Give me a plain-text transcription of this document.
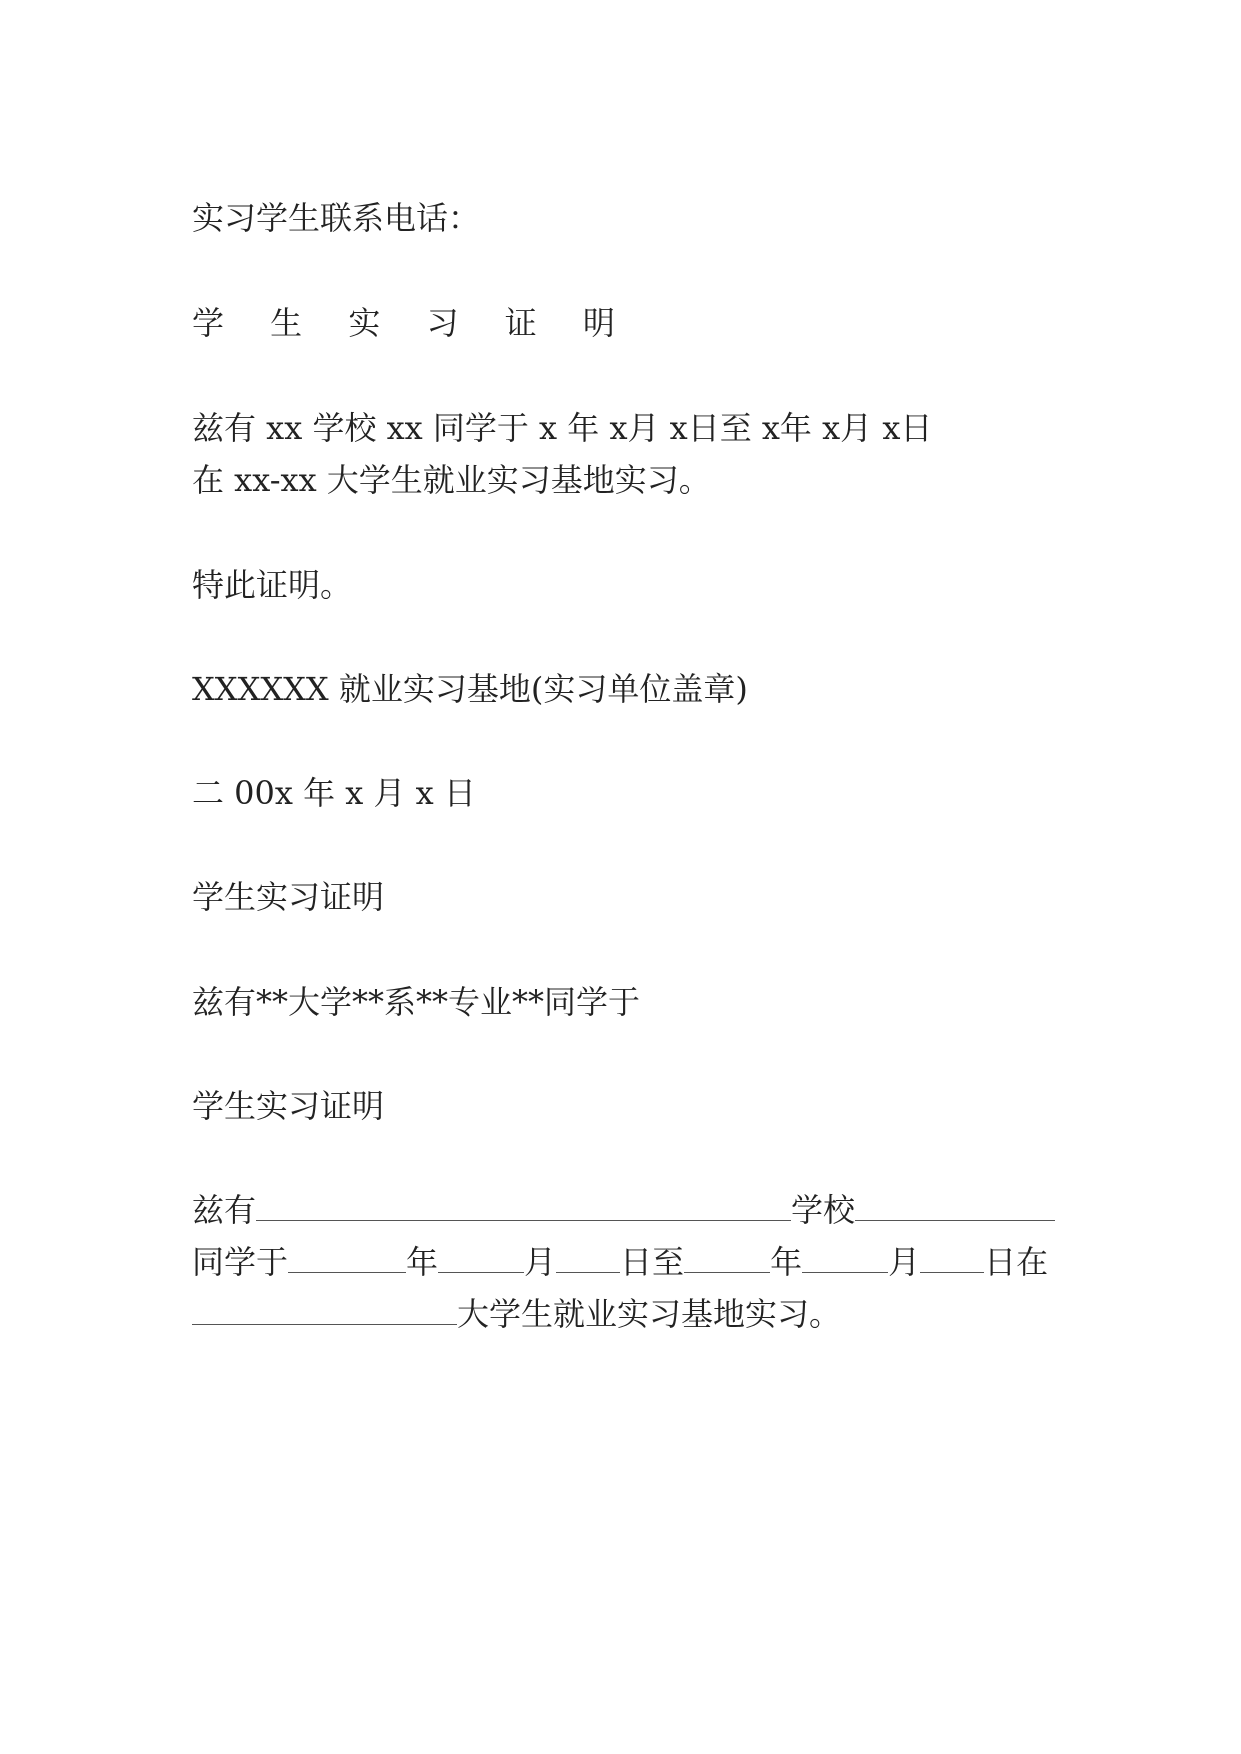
实习学生联系电话：

学 生 实 习 证 明

兹有 xx 学校 xx 同学于 x 年 x月 x日至 x年 x月 x日

在 xx-xx 大学生就业实习基地实习。

特此证明。

XXXXXX 就业实习基地(实习单位盖章)

二 00x 年 x 月 x 日

学生实习证明

兹有**大学**系**专业**同学于

学生实习证明

兹有	学校

同学于	年	月 日至	年	月 日在

大学生就业实习基地实习。
